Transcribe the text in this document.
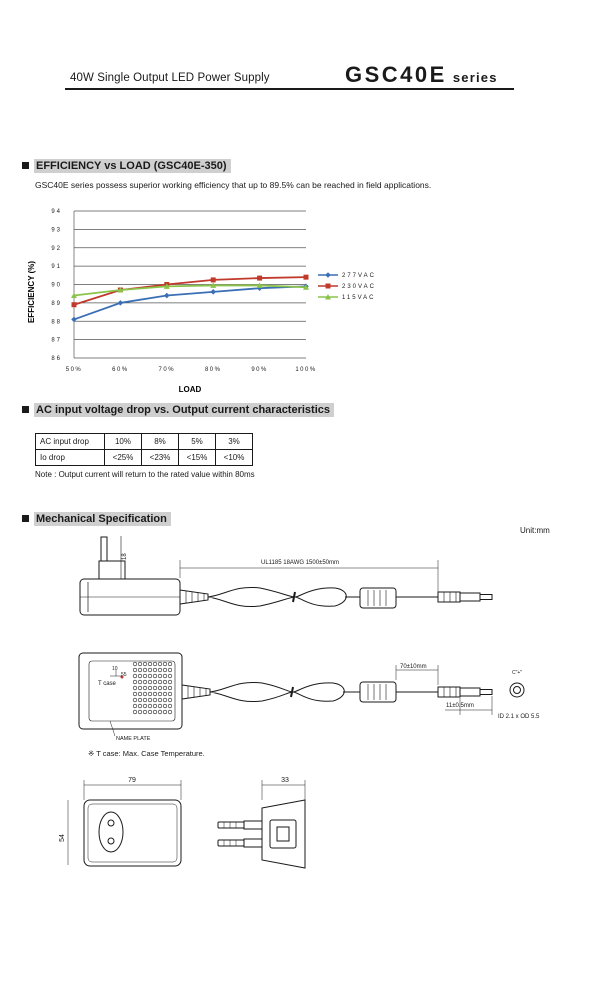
40W Single Output LED Power Supply	GSC40E series
EFFICIENCY vs LOAD (GSC40E-350)
GSC40E series possess superior working efficiency that up to 89.5% can be reached in field applications.
94
93
92
91
90
89
88
87
86
50%	60%	70%	80%	90%	100%
277VAC
230VAC
115VAC
LOAD
EFFICIENCY (%)
AC input voltage drop vs. Output current characteristics
AC input drop	10%	8%	5%	3%
Io drop	<25%	<23%	<15%	<10%
Note : Output current will return to the rated value within 80ms
Mechanical Specification
Unit:mm
18
UL1185 18AWG 1500±50mm
10
55
T case
70±10mm
11±0.5mm
C"+"
ID 2.1 x OD 5.5
NAME PLATE
※ T case: Max. Case Temperature.
79
54
33
